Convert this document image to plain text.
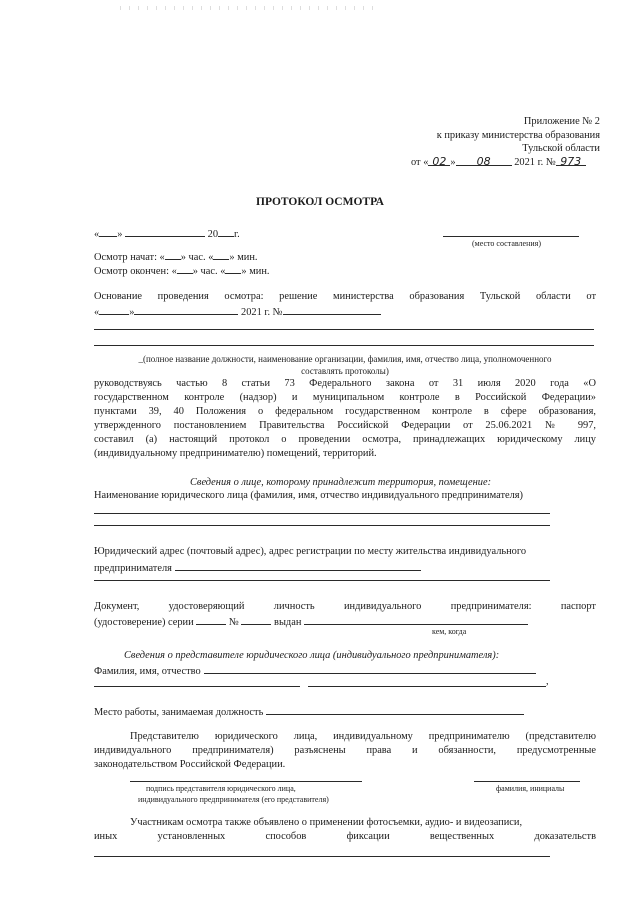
Приложение № 2
к приказу министерства образования
Тульской области
от « 02 » 08 2021 г. № 973
ПРОТОКОЛ ОСМОТРА
« »	20 г.
(место составления)
Осмотр начат: « » час. « » мин.
Осмотр окончен: « » час. « » мин.
Основание проведения осмотра: решение министерства образования Тульской области от
«	»	2021 г. №
_(полное название должности, наименование организации, фамилия, имя, отчество лица, уполномоченного
составлять протоколы)
руководствуясь частью 8 статьи 73 Федерального закона от 31 июля 2020 года «О
государственном контроле (надзор) и муниципальном контроле в Российской Федерации»
пунктами 39, 40 Положения о федеральном государственном контроле в сфере образования,
утвержденного постановлением Правительства Российской Федерации от 25.06.2021 № 997,
составил (а) настоящий протокол о проведении осмотра, принадлежащих юридическому лицу
(индивидуальному предпринимателю) помещений, территорий.
Сведения о лице, которому принадлежит территория, помещение:
Наименование юридического лица (фамилия, имя, отчество индивидуального предпринимателя)
Юридический адрес (почтовый адрес), адрес регистрации по месту жительства индивидуального
предпринимателя
Документ,	удостоверяющий	личность	индивидуального	предпринимателя:	паспорт
(удостоверение) серии	№	выдан
кем, когда
Сведения о представителе юридического лица (индивидуального предпринимателя):
Фамилия, имя, отчество
,
Место работы, занимаемая должность
Представителю юридического лица, индивидуальному предпринимателю (представителю
индивидуального предпринимателя) разъяснены права и обязанности, предусмотренные
законодательством Российской Федерации.
подпись представителя юридического лица,
индивидуального предпринимателя (его представителя)
фамилия, инициалы
Участникам осмотра также объявлено о применении фотосъемки, аудио- и видеозаписи,
иных	установленных	способов	фиксации	вещественных	доказательств
